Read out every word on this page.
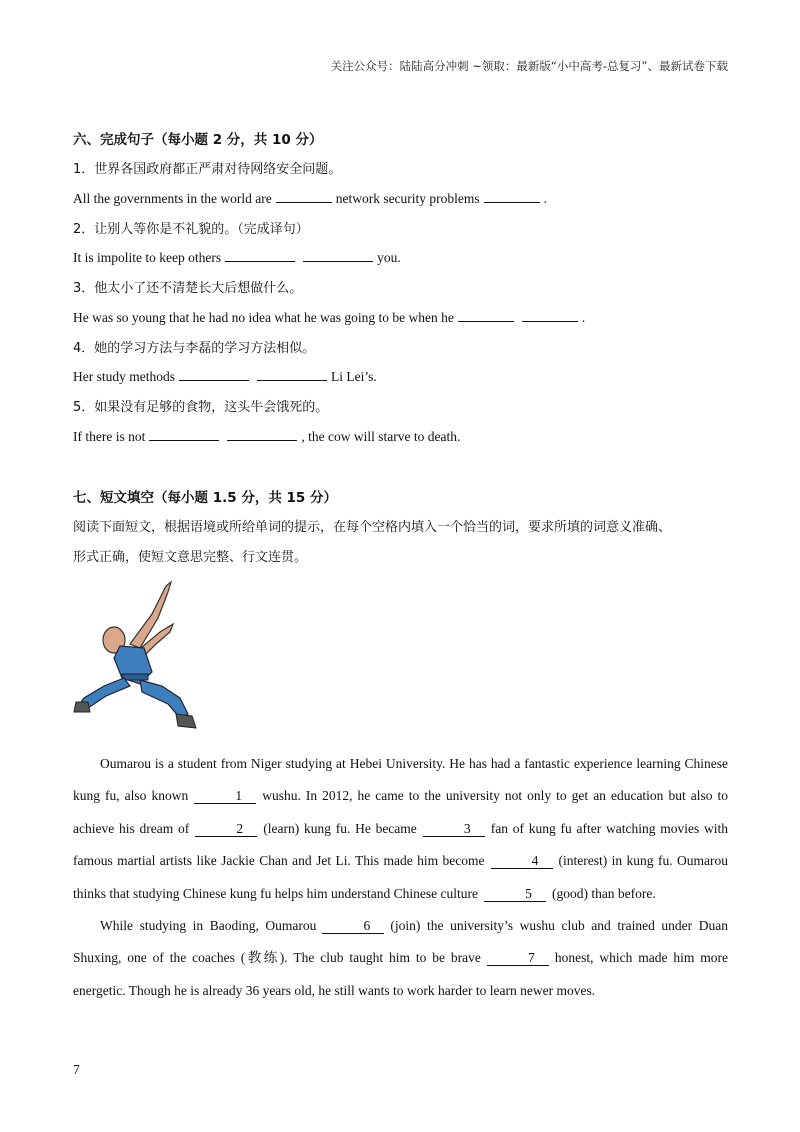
关注公众号：陆陆高分冲刺 ~领取：最新版“小中高考-总复习”、最新试卷下载
六、完成句子（每小题 2 分，共 10 分）
1．世界各国政府都正严肃对待网络安全问题。
All the governments in the world are	network security problems	.
2．让别人等你是不礼貌的。（完成译句）
It is impolite to keep others	you.
3．他太小了还不清楚长大后想做什么。
He was so young that he had no idea what he was going to be when he	.
4．她的学习方法与李磊的学习方法相似。
Her study methods	Li Lei’s.
5．如果没有足够的食物，这头牛会饿死的。
If there is not	, the cow will starve to death.
七、短文填空（每小题 1.5 分，共 15 分）
阅读下面短文，根据语境或所给单词的提示，在每个空格内填入一个恰当的词，要求所填的词意义准确、
形式正确，使短文意思完整、行文连贯。

Oumarou is a student from Niger studying at Hebei University. He has had a fantastic experience learning Chinese kung fu, also known	1 wushu. In 2012, he came to the university not only to get an education but also to achieve his dream of	2 (learn) kung fu. He became	3 fan of kung fu after watching movies with famous martial artists like Jackie Chan and Jet Li. This made him become	4 (interest) in kung fu. Oumarou thinks that studying Chinese kung fu helps him understand Chinese culture	5 (good) than before.

While studying in Baoding, Oumarou	6 (join) the university’s wushu club and trained under Duan Shuxing, one of the coaches (教练). The club taught him to be brave	7 honest, which made him more energetic. Though he is already 36 years old, he still wants to work harder to learn newer moves.

7
